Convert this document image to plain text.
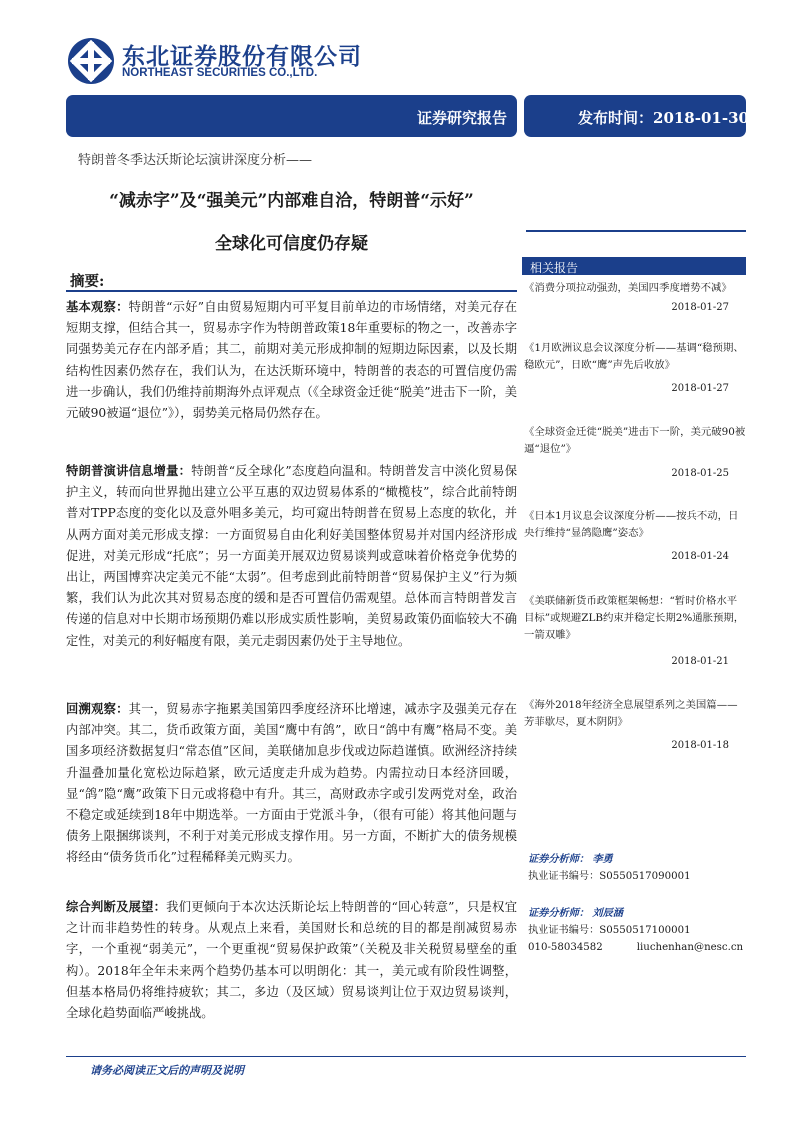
东北证券股份有限公司
NORTHEAST SECURITIES CO.,LTD.
证券研究报告	发布时间：2018-01-30
特朗普冬季达沃斯论坛演讲深度分析——
“减赤字”及“强美元”内部难自洽，特朗普“示好”
全球化可信度仍存疑
摘要:
基本观察：特朗普“示好”自由贸易短期内可平复目前单边的市场情绪，对美元存在短期支撑，但结合其一，贸易赤字作为特朗普政策18年重要标的物之一，改善赤字同强势美元存在内部矛盾；其二，前期对美元形成抑制的短期边际因素，以及长期结构性因素仍然存在，我们认为，在达沃斯环境中，特朗普的表态的可置信度仍需进一步确认，我们仍维持前期海外点评观点（《全球资金迁徙“脱美”进击下一阶，美元破90被逼“退位”》），弱势美元格局仍然存在。
特朗普演讲信息增量：特朗普“反全球化”态度趋向温和。特朗普发言中淡化贸易保护主义，转而向世界抛出建立公平互惠的双边贸易体系的“橄榄枝”，综合此前特朗普对TPP态度的变化以及意外唱多美元，均可窥出特朗普在贸易上态度的软化，并从两方面对美元形成支撑：一方面贸易自由化利好美国整体贸易并对国内经济形成促进，对美元形成“托底”；另一方面美开展双边贸易谈判或意味着价格竞争优势的出让，两国博弈决定美元不能“太弱”。但考虑到此前特朗普“贸易保护主义”行为频繁，我们认为此次其对贸易态度的缓和是否可置信仍需观望。总体而言特朗普发言传递的信息对中长期市场预期仍难以形成实质性影响，美贸易政策仍面临较大不确定性，对美元的利好幅度有限，美元走弱因素仍处于主导地位。
回溯观察：其一，贸易赤字拖累美国第四季度经济环比增速，减赤字及强美元存在内部冲突。其二，货币政策方面，美国“鹰中有鸽”，欧日“鸽中有鹰”格局不变。美国多项经济数据复归“常态值”区间，美联储加息步伐或边际趋谨慎。欧洲经济持续升温叠加量化宽松边际趋紧，欧元适度走升成为趋势。内需拉动日本经济回暖，显“鸽”隐“鹰”政策下日元或将稳中有升。其三，高财政赤字或引发两党对垒，政治不稳定或延续到18年中期选举。一方面由于党派斗争，（很有可能）将其他问题与债务上限捆绑谈判，不利于对美元形成支撑作用。另一方面，不断扩大的债务规模将经由“债务货币化”过程稀释美元购买力。
综合判断及展望：我们更倾向于本次达沃斯论坛上特朗普的“回心转意”，只是权宜之计而非趋势性的转身。从观点上来看，美国财长和总统的目的都是削减贸易赤字，一个重视“弱美元”，一个更重视“贸易保护政策”（关税及非关税贸易壁垒的重构）。2018年全年未来两个趋势仍基本可以明朗化：其一，美元或有阶段性调整，但基本格局仍将维持疲软；其二，多边（及区域）贸易谈判让位于双边贸易谈判，全球化趋势面临严峻挑战。
相关报告
《消费分项拉动强劲，美国四季度增势不减》
2018-01-27
《1月欧洲议息会议深度分析——基调“稳预期、稳欧元”，日欧“鹰”声先后收放》
2018-01-27
《全球资金迁徙“脱美”进击下一阶，美元破90被逼“退位”》
2018-01-25
《日本1月议息会议深度分析——按兵不动，日央行维持“显鸽隐鹰”姿态》
2018-01-24
《美联储新货币政策框架畅想：“暂时价格水平目标”或规避ZLB约束并稳定长期2%通胀预期，一箭双雕》
2018-01-21
《海外2018年经济全息展望系列之美国篇——芳菲歇尽，夏木阴阴》
2018-01-18
证券分析师： 李勇
执业证书编号：S0550517090001
证券分析师： 刘辰涵
执业证书编号：S0550517100001
010-58034582	liuchenhan@nesc.cn
请务必阅读正文后的声明及说明
